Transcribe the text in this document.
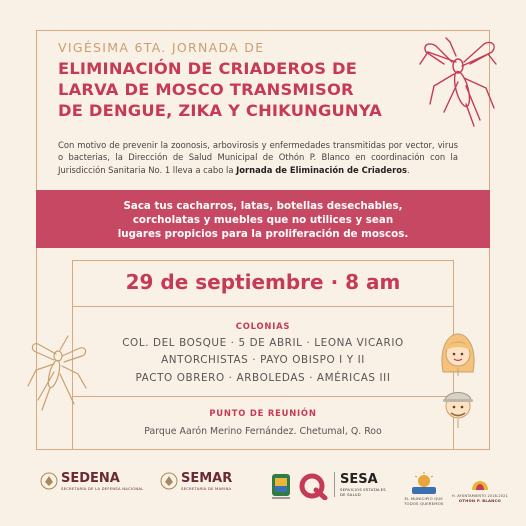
VIGÉSIMA 6TA. JORNADA DE
ELIMINACIÓN DE CRIADEROS DE
LARVA DE MOSCO TRANSMISOR
DE DENGUE, ZIKA Y CHIKUNGUNYA
Con motivo de prevenir la zoonosis, arbovirosis y enfermedades transmitidas por vector, virus o bacterias, la Dirección de Salud Municipal de Othón P. Blanco en coordinación con la Jurisdicción Sanitaria No. 1 lleva a cabo la Jornada de Eliminación de Criaderos.
Saca tus cacharros, latas, botellas desechables,
corcholatas y muebles que no utilices y sean
lugares propicios para la proliferación de moscos.
29 de septiembre · 8 am
COLONIAS
COL. DEL BOSQUE · 5 DE ABRIL · LEONA VICARIO
ANTORCHISTAS · PAYO OBISPO I Y II
PACTO OBRERO · ARBOLEDAS · AMÉRICAS III
PUNTO DE REUNIÓN
Parque Aarón Merino Fernández. Chetumal, Q. Roo
SEDENA
SECRETARÍA DE LA DEFENSA NACIONAL
SEMAR
SECRETARÍA DE MARINA
SESA
SERVICIOS ESTATALES
DE SALUD
EL MUNICIPIO QUE
TODOS QUEREMOS
H. AYUNTAMIENTO 2018-2021
OTHÓN P. BLANCO
